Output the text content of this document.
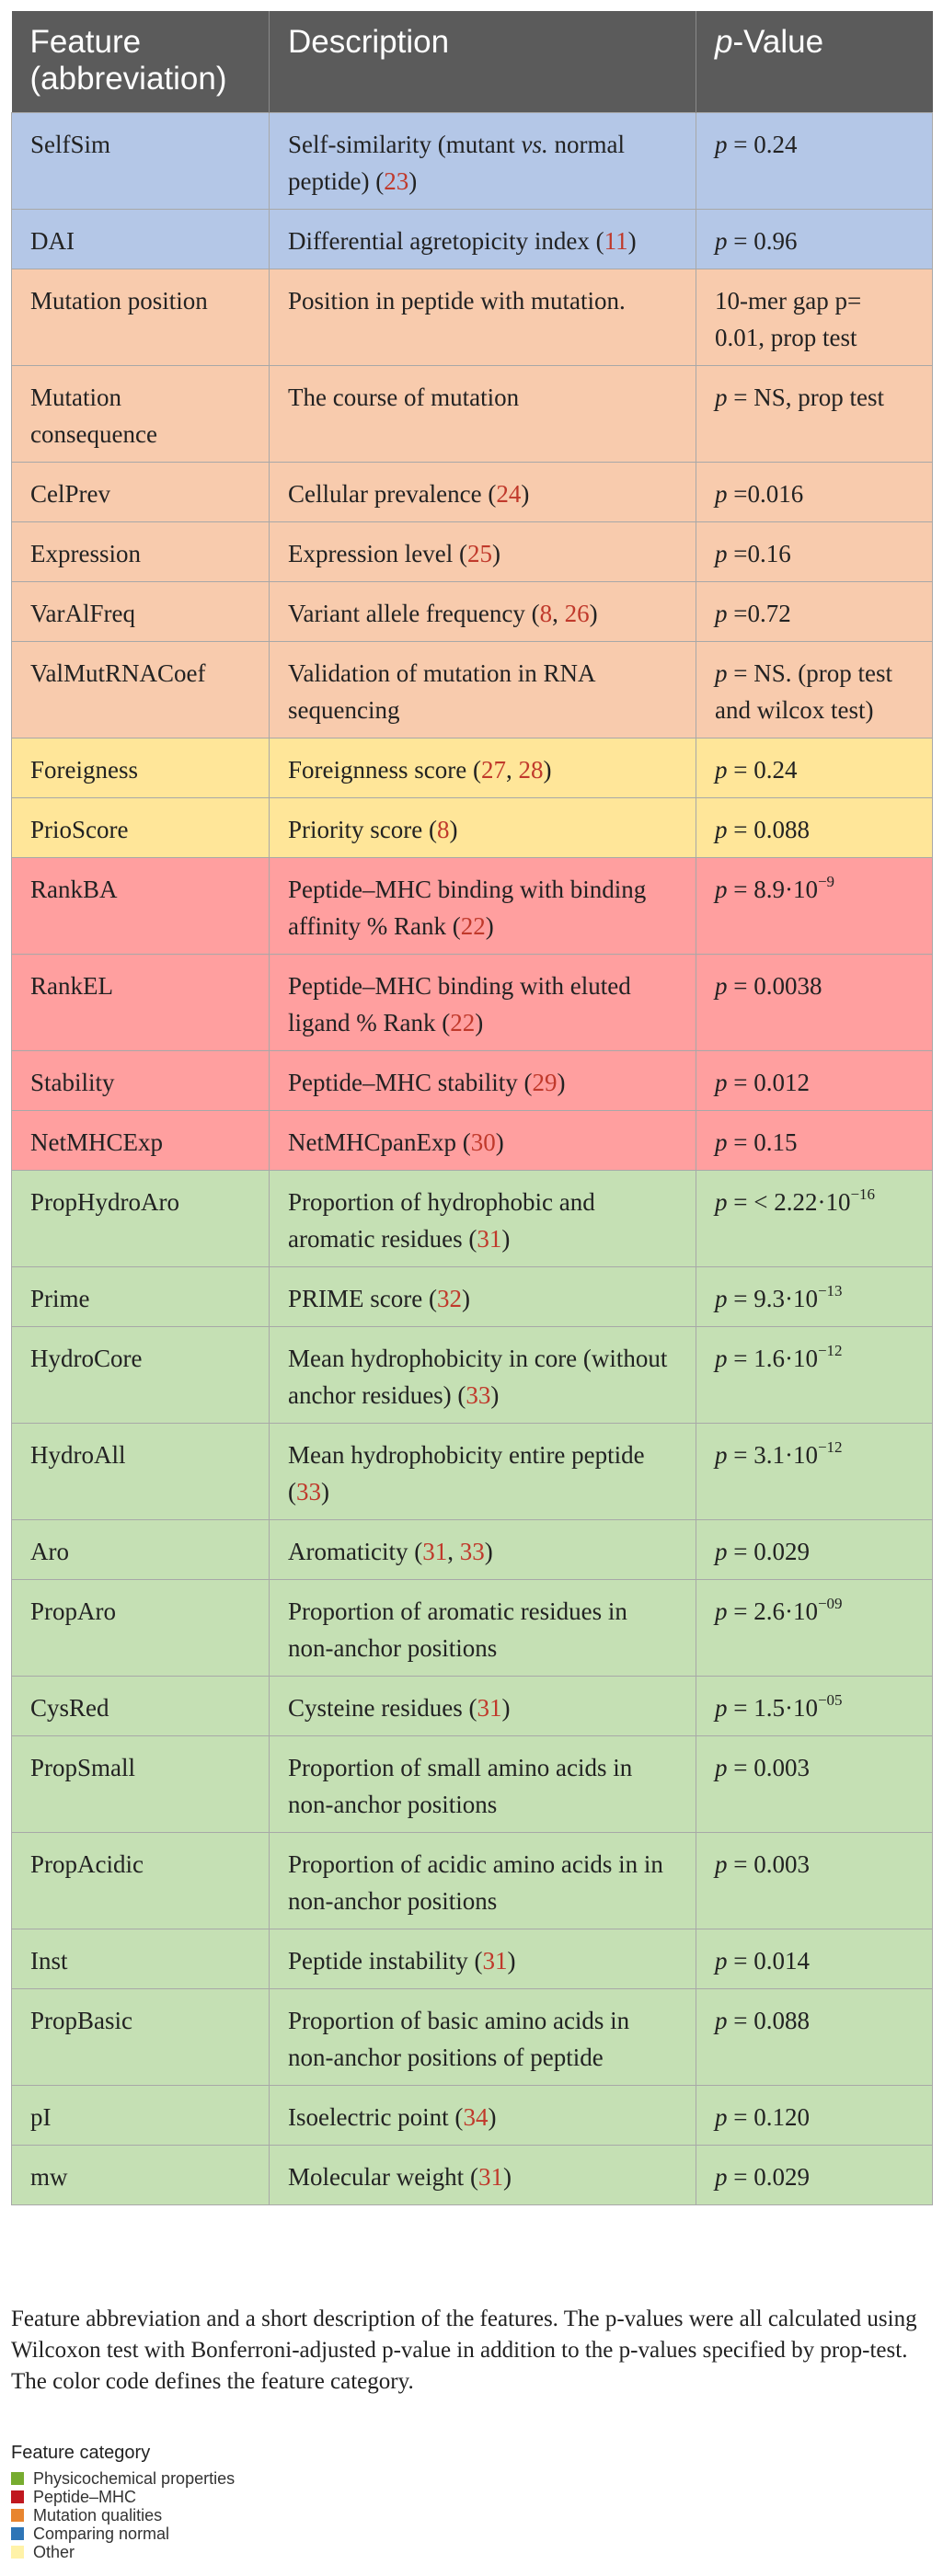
Feature (abbreviation)	Description	p-Value
SelfSim	Self-similarity (mutant vs. normal peptide) (23)	p = 0.24
DAI	Differential agretopicity index (11)	p = 0.96
Mutation position	Position in peptide with mutation.	10-mer gap p= 0.01, prop test
Mutation consequence	The course of mutation	p = NS, prop test
CelPrev	Cellular prevalence (24)	p =0.016
Expression	Expression level (25)	p =0.16
VarAlFreq	Variant allele frequency (8, 26)	p =0.72
ValMutRNACoef	Validation of mutation in RNA sequencing	p = NS. (prop test and wilcox test)
Foreigness	Foreignness score (27, 28)	p = 0.24
PrioScore	Priority score (8)	p = 0.088
RankBA	Peptide–MHC binding with binding affinity % Rank (22)	$p = 8.9\cdot 10^{-9}$
RankEL	Peptide–MHC binding with eluted ligand % Rank (22)	p = 0.0038
Stability	Peptide–MHC stability (29)	p = 0.012
NetMHCExp	NetMHCpanExp (30)	p = 0.15
PropHydroAro	Proportion of hydrophobic and aromatic residues (31)	p = < $2.22\cdot 10^{-16}$
Prime	PRIME score (32)	$p = 9.3\cdot 10^{-13}$
HydroCore	Mean hydrophobicity in core (without anchor residues) (33)	$p = 1.6\cdot 10^{-12}$
HydroAll	Mean hydrophobicity entire peptide (33)	$p = 3.1\cdot 10^{-12}$
Aro	Aromaticity (31, 33)	p = 0.029
PropAro	Proportion of aromatic residues in non-anchor positions	$p = 2.6\cdot 10^{-09}$
CysRed	Cysteine residues (31)	$p = 1.5\cdot 10^{-05}$
PropSmall	Proportion of small amino acids in non-anchor positions	p = 0.003
PropAcidic	Proportion of acidic amino acids in in non-anchor positions	p = 0.003
Inst	Peptide instability (31)	p = 0.014
PropBasic	Proportion of basic amino acids in non-anchor positions of peptide	p = 0.088
pI	Isoelectric point (34)	p = 0.120
mw	Molecular weight (31)	p = 0.029

Feature abbreviation and a short description of the features. The p-values were all calculated using Wilcoxon test with Bonferroni-adjusted p-value in addition to the p-values specified by prop-test. The color code defines the feature category.

Feature category
Physicochemical properties
Peptide–MHC
Mutation qualities
Comparing normal
Other
